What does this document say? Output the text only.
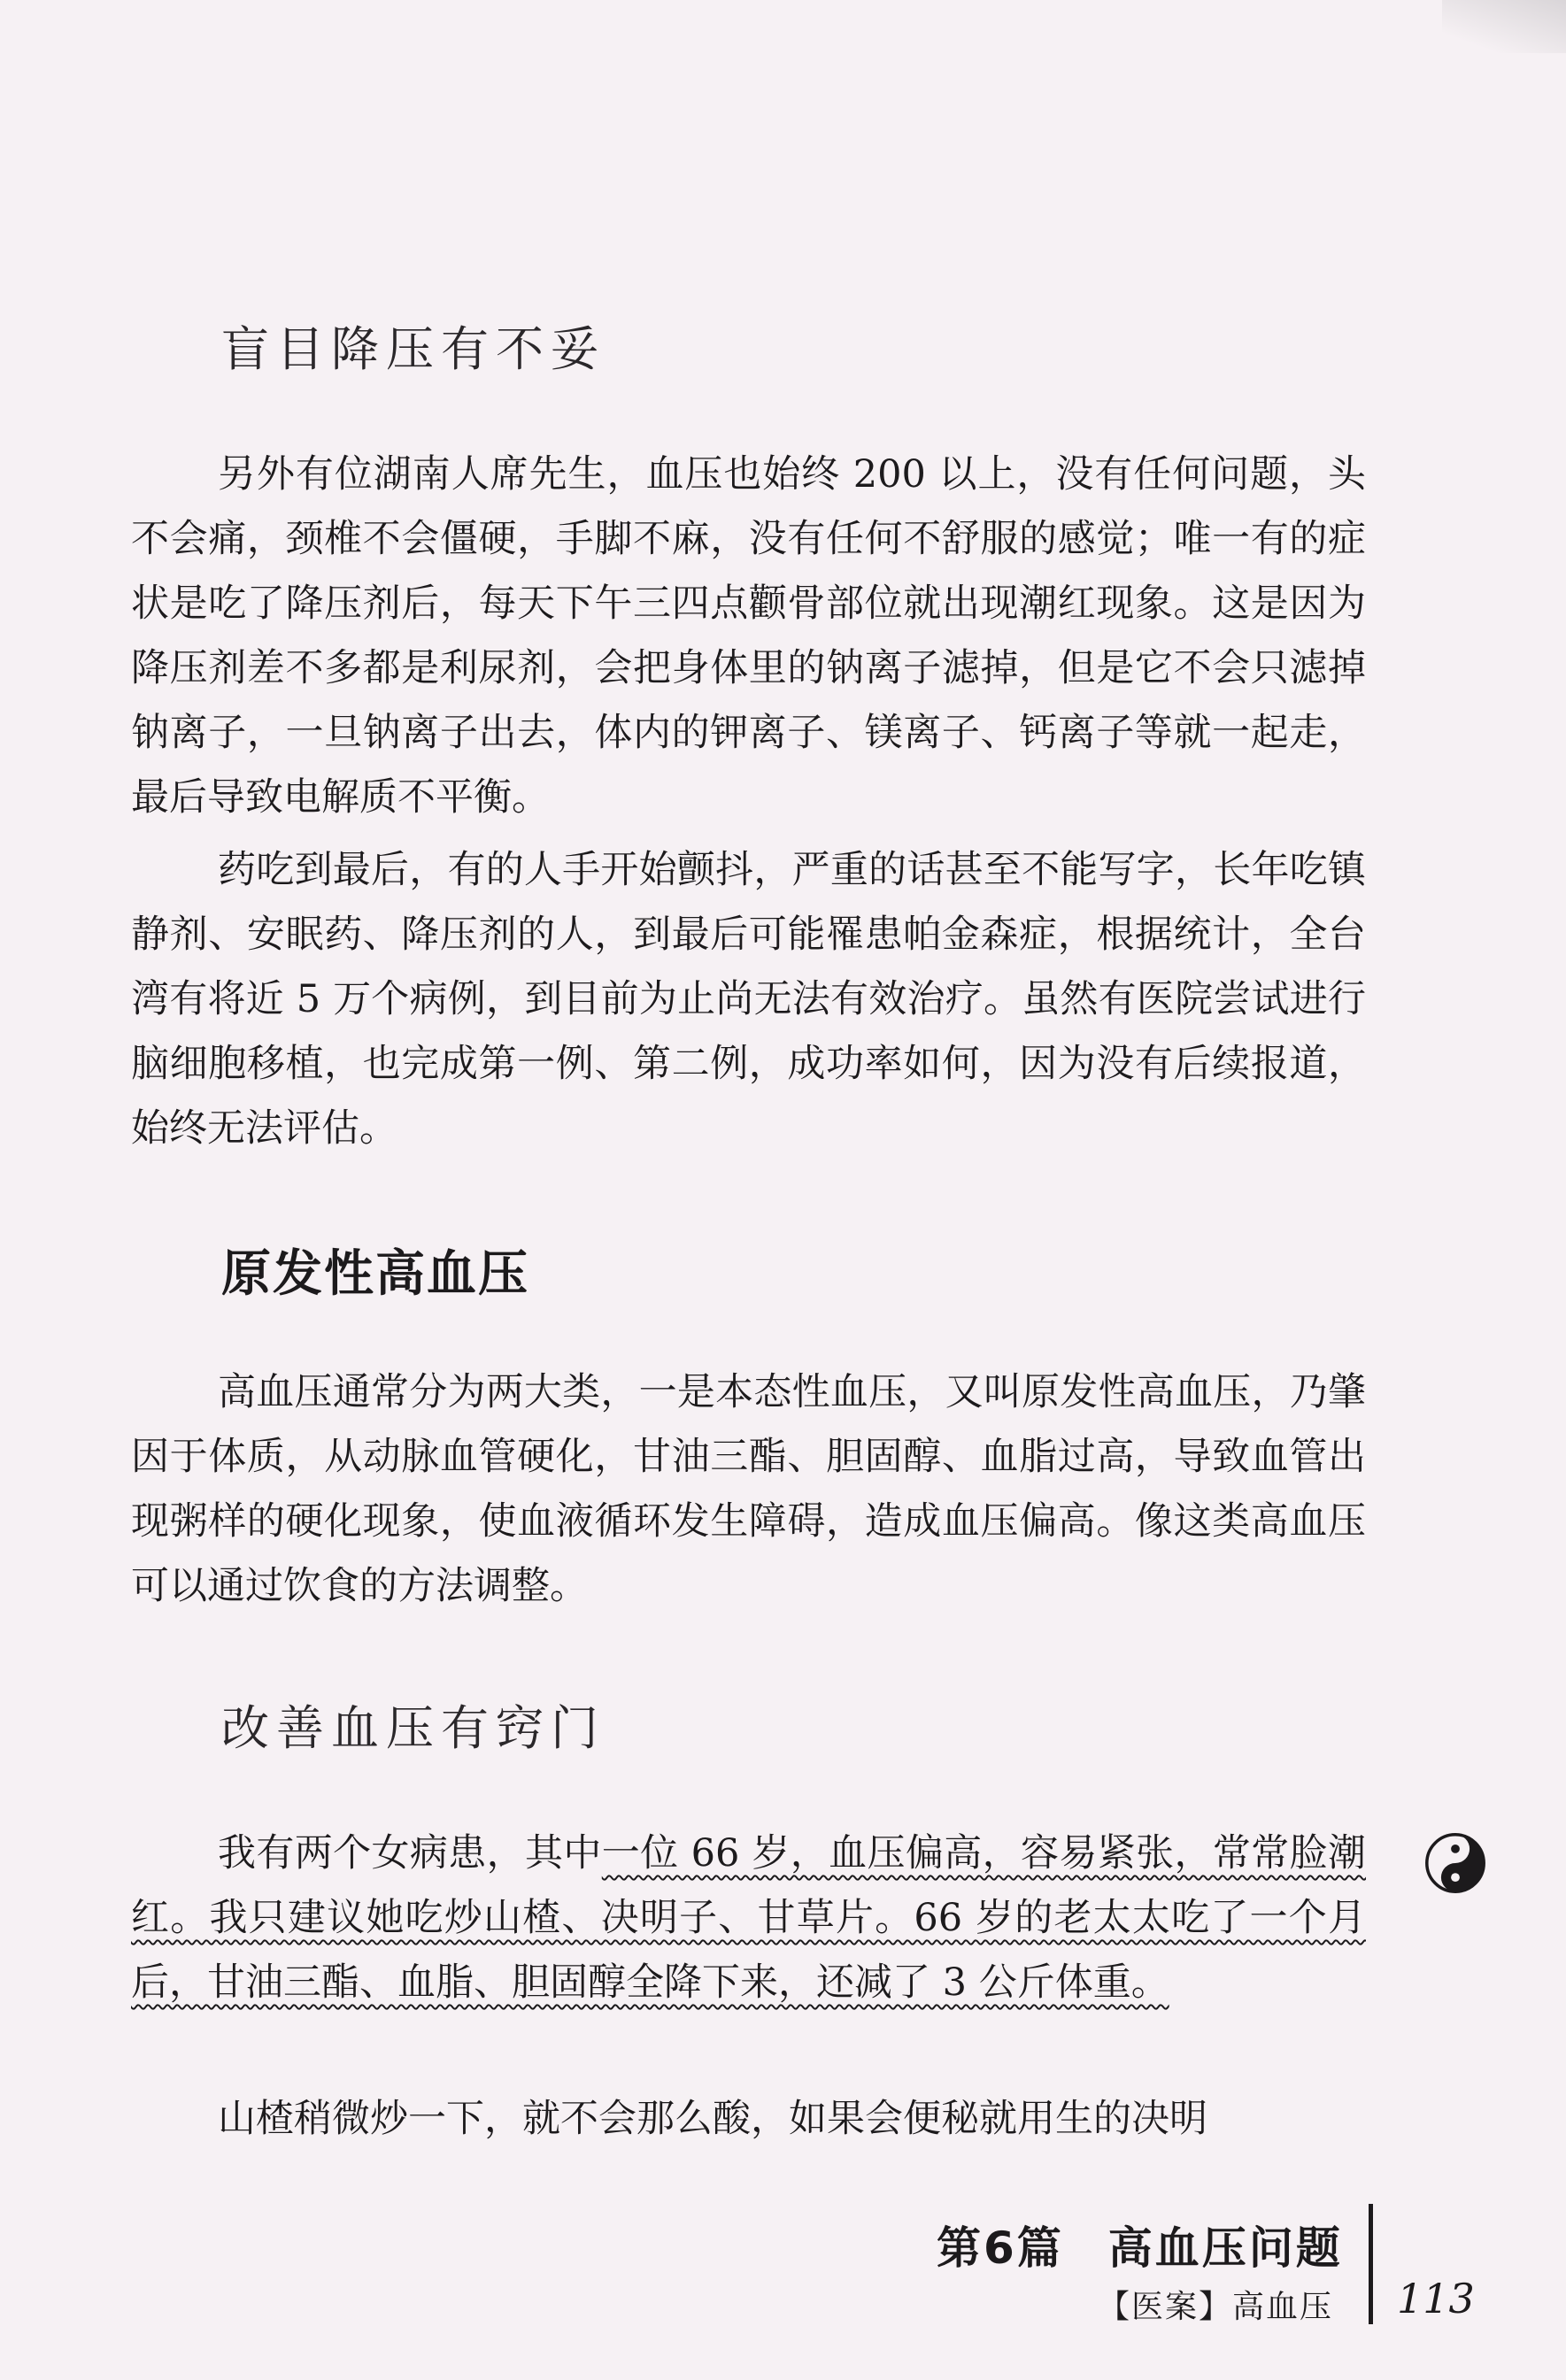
盲目降压有不妥

另外有位湖南人席先生，血压也始终 200 以上，没有任何问题，头不会痛，颈椎不会僵硬，手脚不麻，没有任何不舒服的感觉；唯一有的症状是吃了降压剂后，每天下午三四点颧骨部位就出现潮红现象。这是因为降压剂差不多都是利尿剂，会把身体里的钠离子滤掉，但是它不会只滤掉钠离子，一旦钠离子出去，体内的钾离子、镁离子、钙离子等就一起走，最后导致电解质不平衡。

药吃到最后，有的人手开始颤抖，严重的话甚至不能写字，长年吃镇静剂、安眠药、降压剂的人，到最后可能罹患帕金森症，根据统计，全台湾有将近 5 万个病例，到目前为止尚无法有效治疗。虽然有医院尝试进行脑细胞移植，也完成第一例、第二例，成功率如何，因为没有后续报道，始终无法评估。

原发性高血压

高血压通常分为两大类，一是本态性血压，又叫原发性高血压，乃肇因于体质，从动脉血管硬化，甘油三酯、胆固醇、血脂过高，导致血管出现粥样的硬化现象，使血液循环发生障碍，造成血压偏高。像这类高血压可以通过饮食的方法调整。

改善血压有窍门

我有两个女病患，其中一位 66 岁，血压偏高，容易紧张，常常脸潮红。我只建议她吃炒山楂、决明子、甘草片。66 岁的老太太吃了一个月后，甘油三酯、血脂、胆固醇全降下来，还减了 3 公斤体重。

山楂稍微炒一下，就不会那么酸，如果会便秘就用生的决明

第6篇 高血压问题

【医案】高血压 113
